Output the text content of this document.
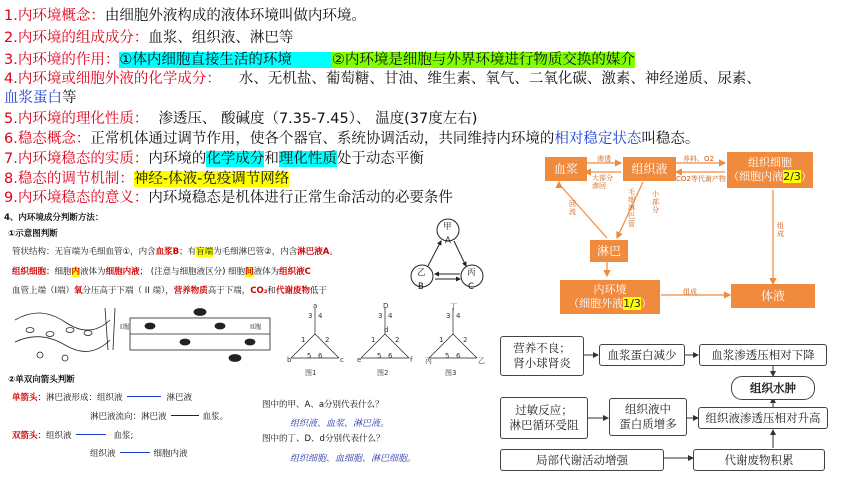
1.内环境概念：由细胞外液构成的液体环境叫做内环境。
2.内环境的组成成分：血浆、组织液、淋巴等
3.内环境的作用：①体内细胞直接生活的环境	②内环境是细胞与外界环境进行物质交换的媒介
4.内环境或细胞外液的化学成分： 水、无机盐、葡萄糖、甘油、维生素、氧气、二氧化碳、激素、神经递质、尿素、
血浆蛋白等
5.内环境的理化性质： 渗透压、 酸碱度（7.35-7.45）、 温度(37度左右)
6.稳态概念：正常机体通过调节作用，使各个器官、系统协调活动，共同维持内环境的相对稳定状态叫稳态。
7.内环境稳态的实质：内环境的化学成分和理化性质处于动态平衡
8.稳态的调节机制：神经-体液-免疫调节网络
9.内环境稳态的意义：内环境稳态是机体进行正常生命活动的必要条件
4、内环境成分判断方法：
①示意图判断
管状结构：无盲端为毛细血管①，内含血浆B；有盲端为毛细淋巴管②，内含淋巴液A。
组织细胞：细胞内液体为细胞内液； (注意与细胞液区分) 细胞间液体为组织液C
血管上端（I端）氧分压高于下端（ II 端），营养物质高于下端，CO₂和代谢废物低于
甲
A
乙
B
丙
C
I端	II端
3 4
1	2
5 6
a
b	c
D
3 4
1	2
5 6
d
e	f
丁
3 4
1	2
5 6
丙	乙
图1	图2	图3
②单双向箭头判断
单箭头：淋巴液形成：组织液	淋巴液
淋巴液流向：淋巴液	血浆。
双箭头：组织液	血浆;
组织液	细胞内液
图中的甲、A、a分别代表什么？
组织液、血浆、淋巴液。
图中的丁、D、d分别代表什么？
组织细胞、血细胞、淋巴细胞。
血浆	组织液	组织细胞
（细胞内液2/3）
淋巴
内环境
（细胞外液1/3）
体液
渗透
大部分
渗回
养料、O2
CO2等代谢产物
小
部
分
毛
细
淋
巴
管
回
流
组
成
组成
营养不良；
肾小球肾炎
血浆蛋白减少	血浆渗透压相对下降
组织水肿
过敏反应；
淋巴循环受阻
组织液中
蛋白质增多	组织液渗透压相对升高
局部代谢活动增强	代谢废物积累
